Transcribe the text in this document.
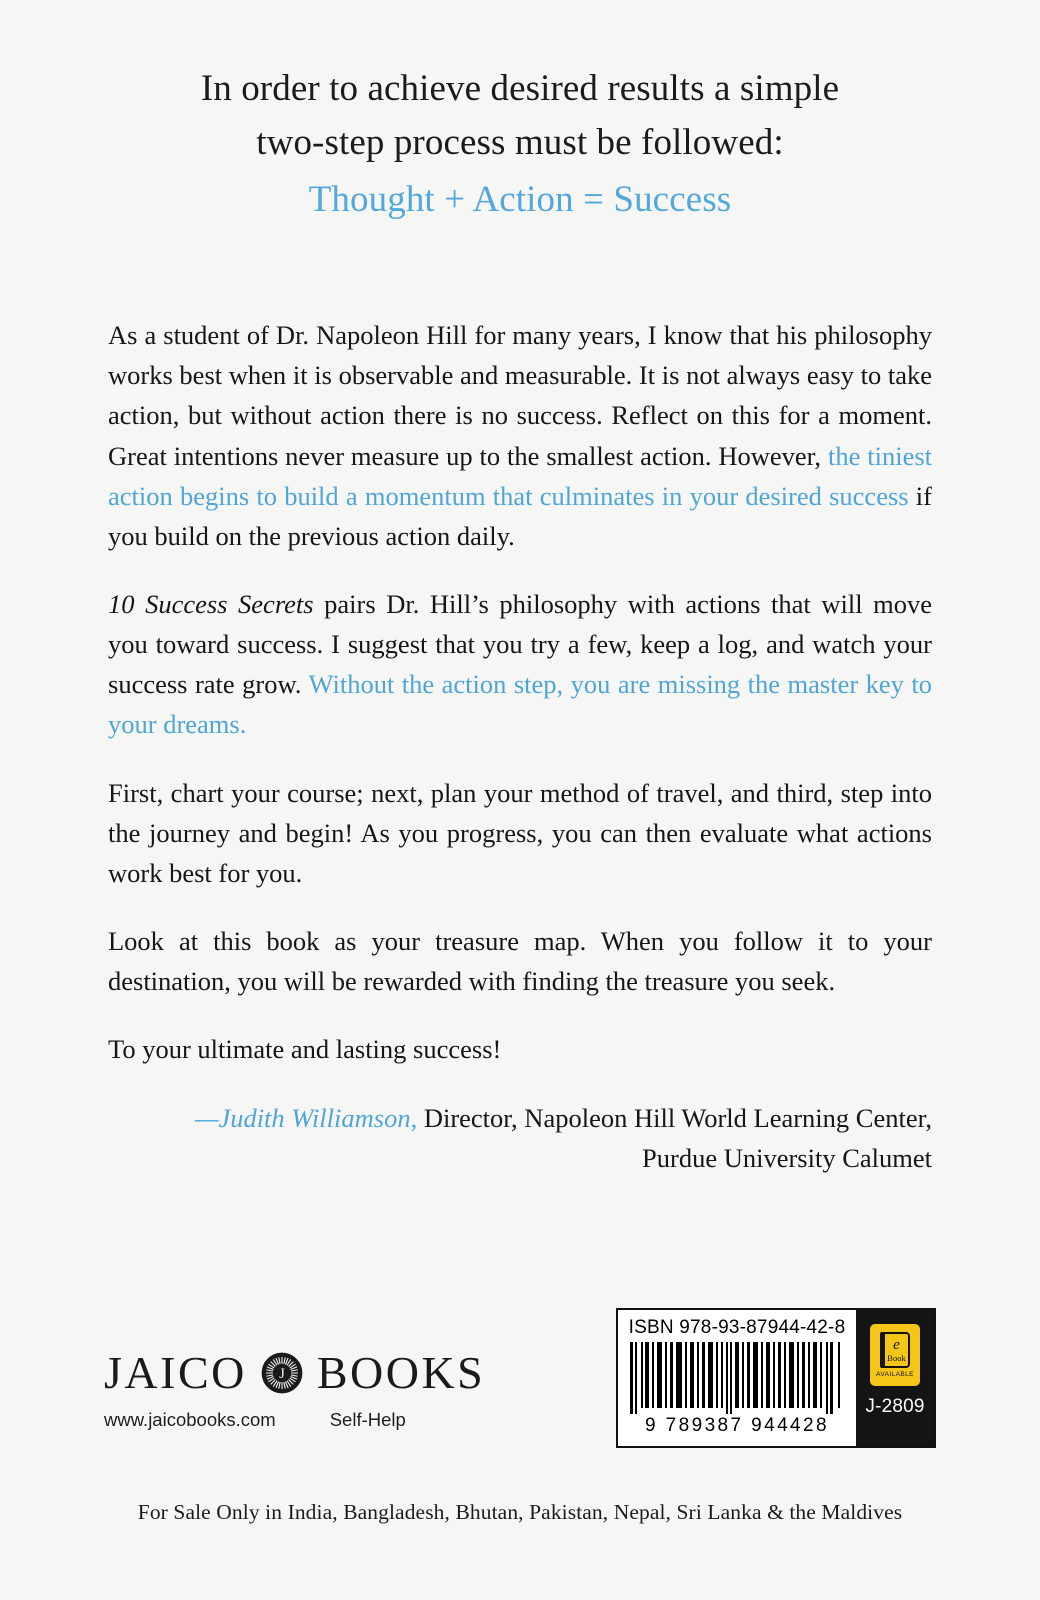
In order to achieve desired results a simple
two-step process must be followed:
Thought + Action = Success

As a student of Dr. Napoleon Hill for many years, I know that his philosophy works best when it is observable and measurable. It is not always easy to take action, but without action there is no success. Reflect on this for a moment. Great intentions never measure up to the smallest action. However, the tiniest action begins to build a momentum that culminates in your desired success if you build on the previous action daily.

10 Success Secrets pairs Dr. Hill’s philosophy with actions that will move you toward success. I suggest that you try a few, keep a log, and watch your success rate grow. Without the action step, you are missing the master key to your dreams.

First, chart your course; next, plan your method of travel, and third, step into the journey and begin! As you progress, you can then evaluate what actions work best for you.

Look at this book as your treasure map. When you follow it to your destination, you will be rewarded with finding the treasure you seek.

To your ultimate and lasting success!

—Judith Williamson, Director, Napoleon Hill World Learning Center,
Purdue University Calumet
JAICO J BOOKS
www.jaicobooks.com	Self-Help
ISBN 978-93-87944-42-8
9 789387 944428
e
Book
AVAILABLE
J-2809
For Sale Only in India, Bangladesh, Bhutan, Pakistan, Nepal, Sri Lanka & the Maldives
